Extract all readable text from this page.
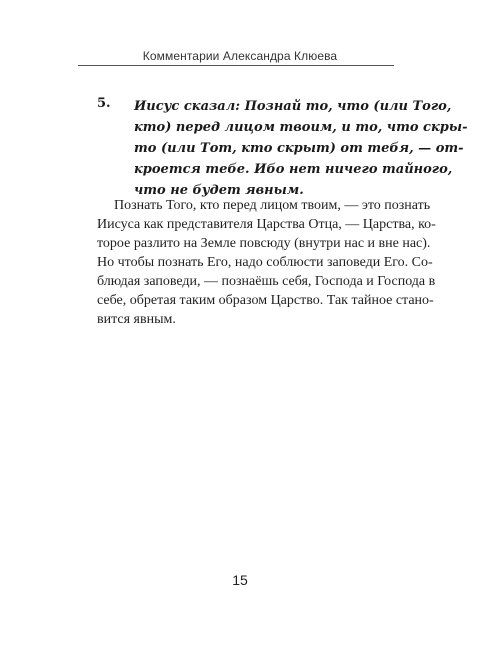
Комментарии Александра Клюева
5. Иисус сказал: Познай то, что (или Того,
кто) перед лицом твоим, и то, что скры-
то (или Тот, кто скрыт) от тебя, — от-
кроется тебе. Ибо нет ничего тайного,
что не будет явным.
Познать Того, кто перед лицом твоим, — это познать
Иисуса как представителя Царства Отца, — Царства, ко-
торое разлито на Земле повсюду (внутри нас и вне нас).
Но чтобы познать Его, надо соблюсти заповеди Его. Со-
блюдая заповеди, — познаёшь себя, Господа и Господа в
себе, обретая таким образом Царство. Так тайное стано-
вится явным.
15
